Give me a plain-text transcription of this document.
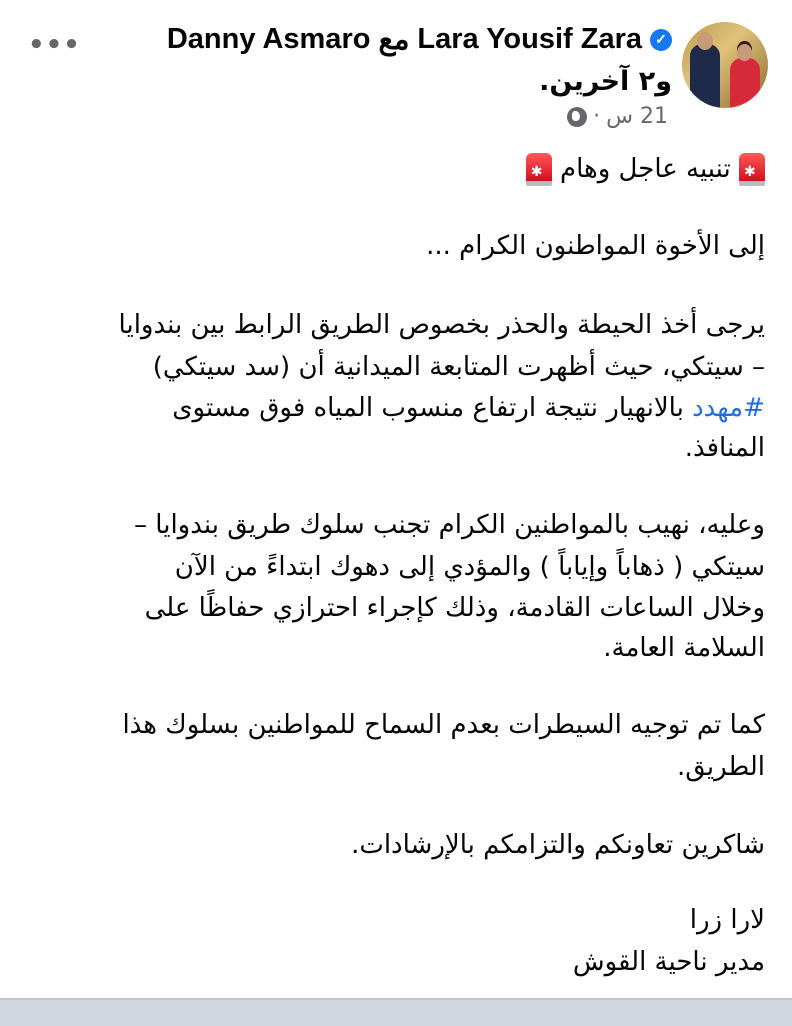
Danny Asmaro مع Lara Yousif Zara ✓
و٢ آخرين.
21 س
·
•••
✱ تنبيه عاجل وهام ✱
إلى الأخوة المواطنون الكرام ...
يرجى أخذ الحيطة والحذر بخصوص الطريق الرابط بين بندوايا
– سيتكي، حيث أظهرت المتابعة الميدانية أن (سد سيتكي)
#مهدد بالانهيار نتيجة ارتفاع منسوب المياه فوق مستوى
المنافذ.
وعليه، نهيب بالمواطنين الكرام تجنب سلوك طريق بندوايا –
سيتكي ( ذهاباً وإياباً ) والمؤدي إلى دهوك ابتداءً من الآن
وخلال الساعات القادمة، وذلك كإجراء احترازي حفاظًا على
السلامة العامة.
كما تم توجيه السيطرات بعدم السماح للمواطنين بسلوك هذا
الطريق.
شاكرين تعاونكم والتزامكم بالإرشادات.
لارا زرا
مدير ناحية القوش
